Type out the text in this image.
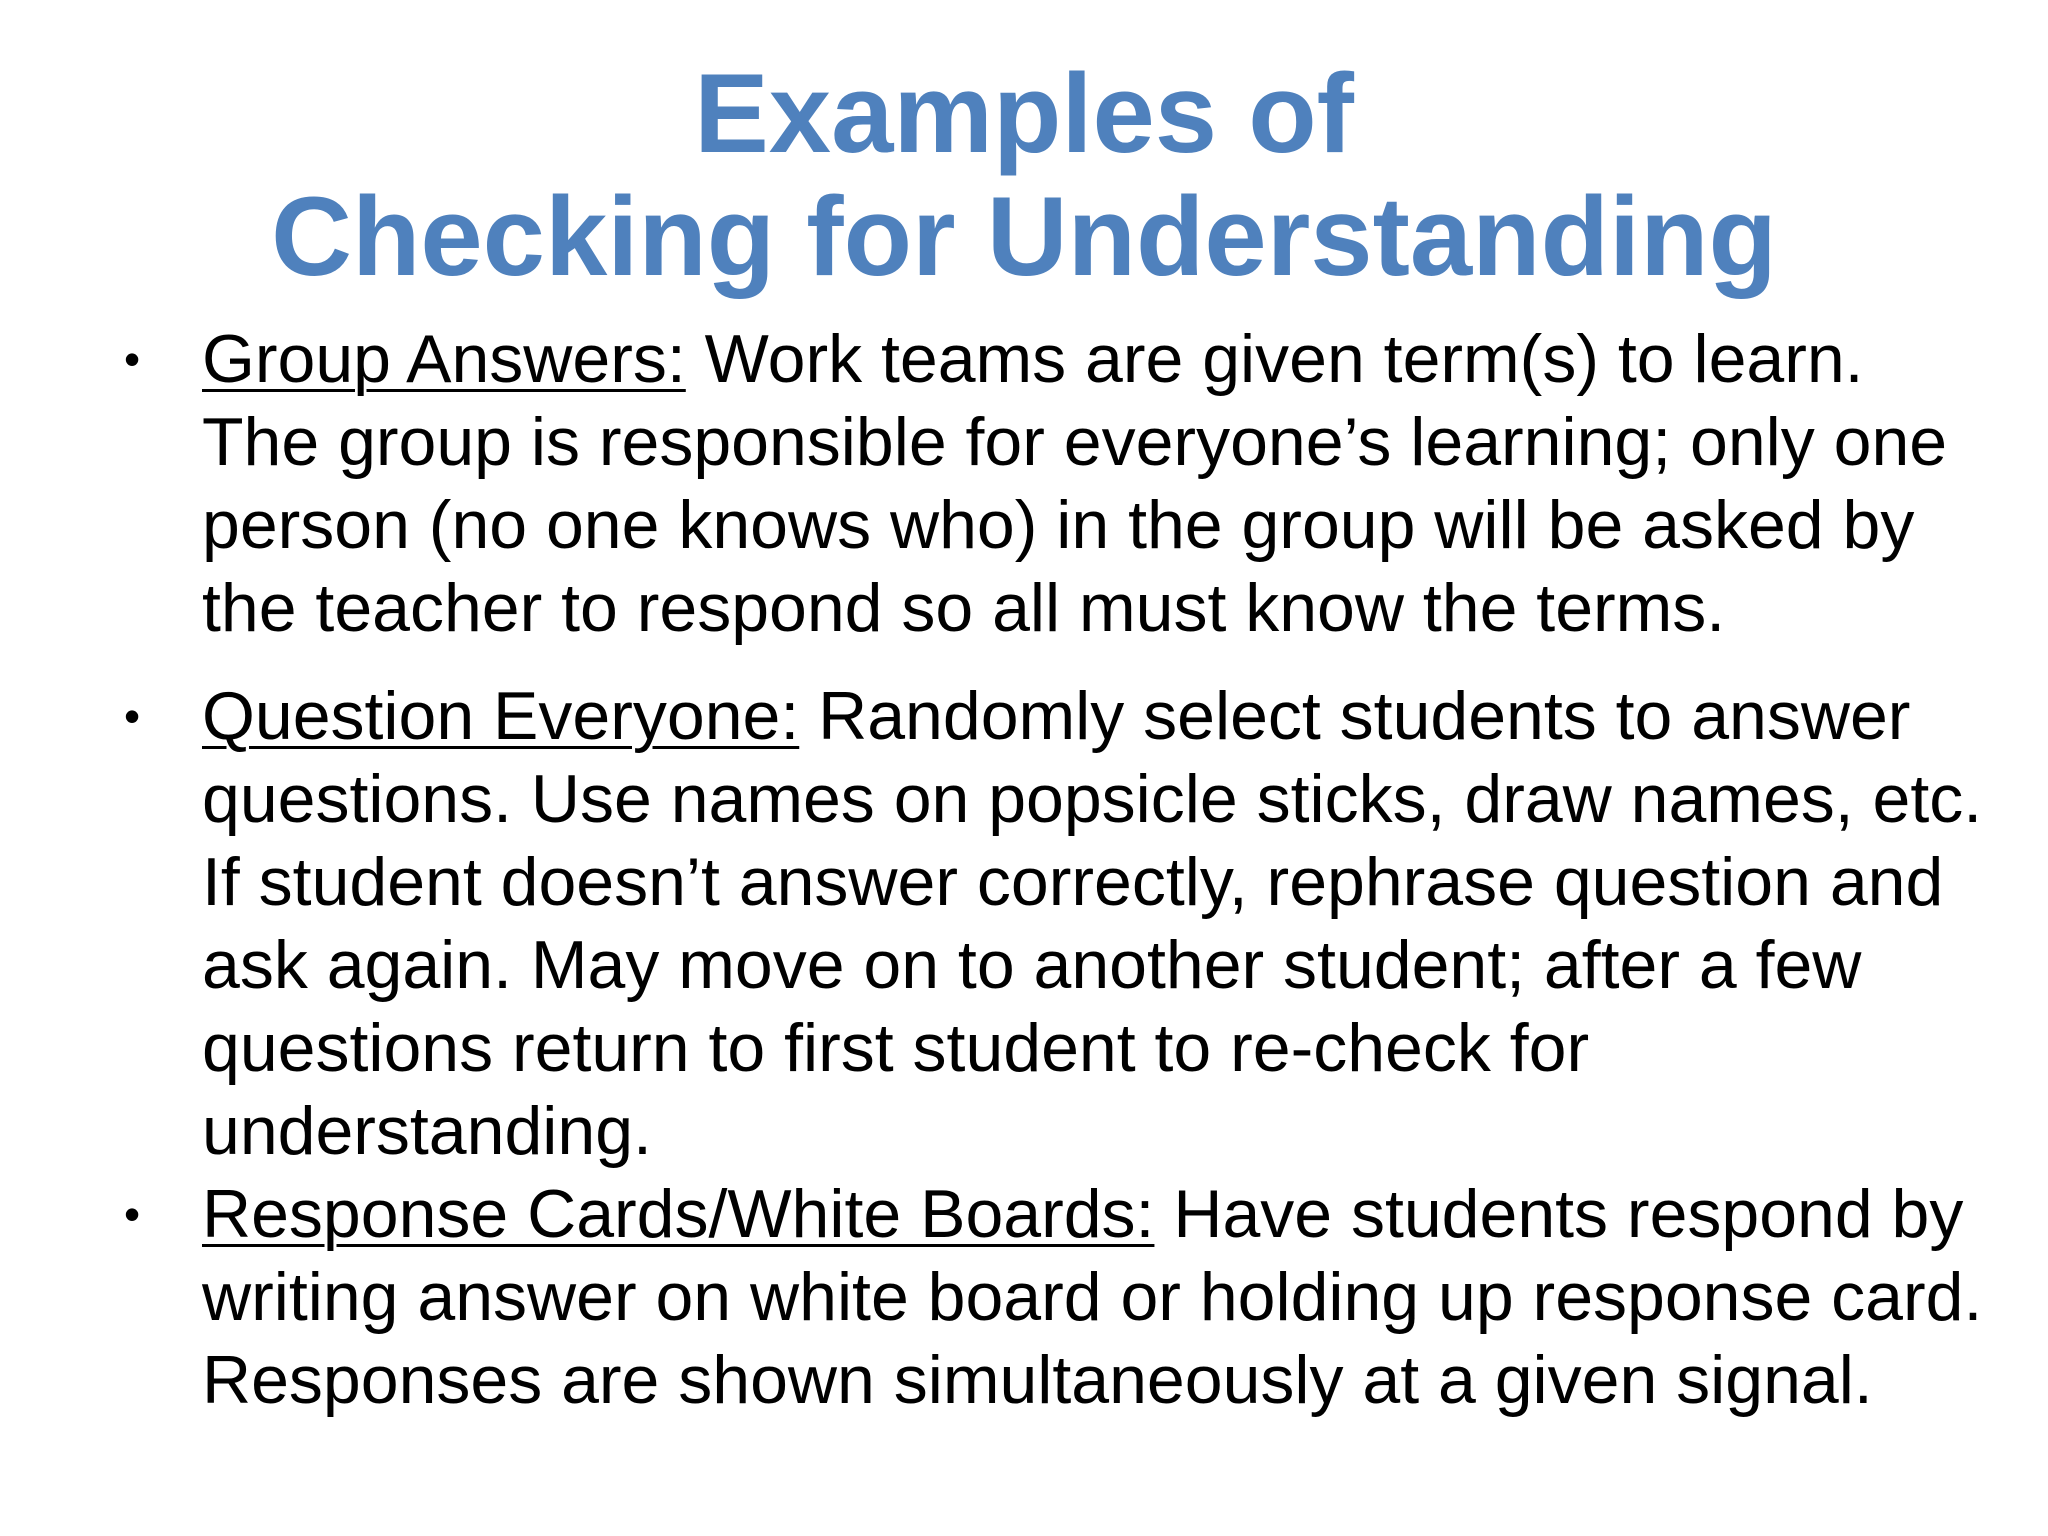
Examples of
Checking for Understanding
• Group Answers: Work teams are given term(s) to learn.
The group is responsible for everyone’s learning; only one
person (no one knows who) in the group will be asked by
the teacher to respond so all must know the terms.
• Question Everyone: Randomly select students to answer
questions. Use names on popsicle sticks, draw names, etc.
If student doesn’t answer correctly, rephrase question and
ask again. May move on to another student; after a few
questions return to first student to re-check for
understanding.
• Response Cards/White Boards: Have students respond by
writing answer on white board or holding up response card.
Responses are shown simultaneously at a given signal.
